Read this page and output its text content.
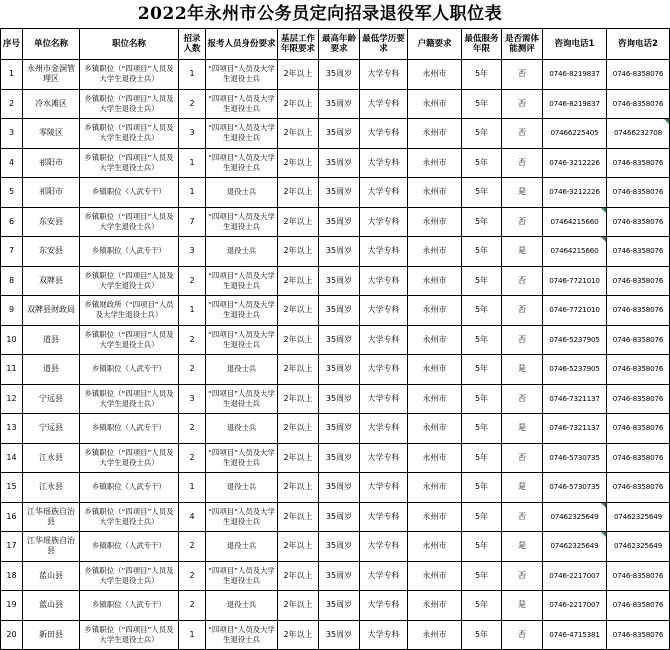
2022年永州市公务员定向招录退役军人职位表
序号	单位名称	职位名称	招录人数	报考人员身份要求	基层工作年限要求	最高年龄要求	最低学历要求	户籍要求	最低服务年限	是否需体能测评	咨询电话1	咨询电话2
1	永州市金洞管理区	乡镇职位（“四项目”人员及大学生退役士兵）	1	“四项目”人员及大学生退役士兵	2年以上	35周岁	大学专科	永州市	5年	否	0746-8219837	0746-8358076
2	冷水滩区	乡镇职位（“四项目”人员及大学生退役士兵）	2	“四项目”人员及大学生退役士兵	2年以上	35周岁	大学专科	永州市	5年	否	0746-8219837	0746-8358076
3	零陵区	乡镇职位（“四项目”人员及大学生退役士兵）	3	“四项目”人员及大学生退役士兵	2年以上	35周岁	大学专科	永州市	5年	否	07466225405	07466232708
4	祁阳市	乡镇职位（“四项目”人员及大学生退役士兵）	1	“四项目”人员及大学生退役士兵	2年以上	35周岁	大学专科	永州市	5年	否	0746-3212226	0746-8358076
5	祁阳市	乡镇职位（人武专干）	1	退役士兵	2年以上	35周岁	大学专科	永州市	5年	是	0746-3212226	0746-8358076
6	东安县	乡镇职位（“四项目”人员及大学生退役士兵）	7	“四项目”人员及大学生退役士兵	2年以上	35周岁	大学专科	永州市	5年	否	07464215660	0746-8358076
7	东安县	乡镇职位（人武专干）	3	退役士兵	2年以上	35周岁	大学专科	永州市	5年	是	07464215660	0746-8358076
8	双牌县	乡镇职位（“四项目”人员及大学生退役士兵）	2	“四项目”人员及大学生退役士兵	2年以上	35周岁	大学专科	永州市	5年	否	0746-7721010	0746-8358076
9	双牌县财政局	乡镇财政所（“四项目”人员及大学生退役士兵）	1	“四项目”人员及大学生退役士兵	2年以上	35周岁	大学专科	永州市	5年	否	0746-7721010	0746-8358076
10	道县	乡镇职位（“四项目”人员及大学生退役士兵）	2	“四项目”人员及大学生退役士兵	2年以上	35周岁	大学专科	永州市	5年	否	0746-5237905	0746-8358076
11	道县	乡镇职位（人武专干）	2	退役士兵	2年以上	35周岁	大学专科	永州市	5年	是	0746-5237905	0746-8358076
12	宁远县	乡镇职位（“四项目”人员及大学生退役士兵）	3	“四项目”人员及大学生退役士兵	2年以上	35周岁	大学专科	永州市	5年	否	0746-7321137	0746-8358076
13	宁远县	乡镇职位（人武专干）	2	退役士兵	2年以上	35周岁	大学专科	永州市	5年	是	0746-7321137	0746-8358076
14	江永县	乡镇职位（“四项目”人员及大学生退役士兵）	2	“四项目”人员及大学生退役士兵	2年以上	35周岁	大学专科	永州市	5年	否	0746-5730735	0746-8358076
15	江永县	乡镇职位（人武专干）	1	退役士兵	2年以上	35周岁	大学专科	永州市	5年	是	0746-5730735	0746-8358076
16	江华瑶族自治县	乡镇职位（“四项目”人员及大学生退役士兵）	4	“四项目”人员及大学生退役士兵	2年以上	35周岁	大学专科	永州市	5年	否	07462325649	07462325649
17	江华瑶族自治县	乡镇职位（人武专干）	2	退役士兵	2年以上	35周岁	大学专科	永州市	5年	是	07462325649	07462325649
18	蓝山县	乡镇职位（“四项目”人员及大学生退役士兵）	2	“四项目”人员及大学生退役士兵	2年以上	35周岁	大学专科	永州市	5年	否	0746-2217007	0746-8358076
19	蓝山县	乡镇职位（人武专干）	2	退役士兵	2年以上	35周岁	大学专科	永州市	5年	是	0746-2217007	0746-8358076
20	新田县	乡镇职位（“四项目”人员及大学生退役士兵）	1	“四项目”人员及大学生退役士兵	2年以上	35周岁	大学专科	永州市	5年	否	0746-4715381	0746-8358076
